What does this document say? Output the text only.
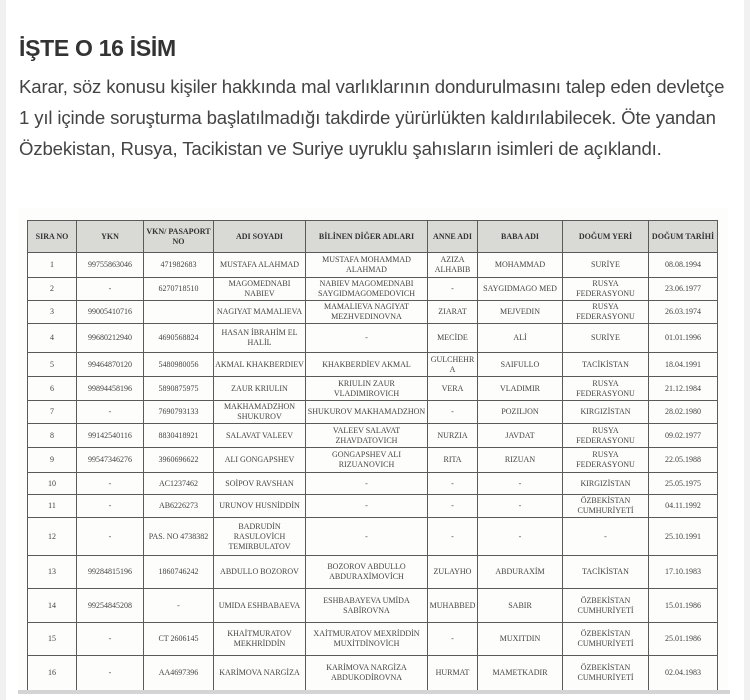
İŞTE O 16 İSİM

Karar, söz konusu kişiler hakkında mal varlıklarının dondurulmasını talep eden devletçe 1 yıl içinde soruşturma başlatılmadığı takdirde yürürlükten kaldırılabilecek. Öte yandan Özbekistan, Rusya, Tacikistan ve Suriye uyruklu şahısların isimleri de açıklandı.

SIRA NO	YKN	VKN/ PASAPORT NO	ADI SOYADI	BİLİNEN DİĞER ADLARI	ANNE ADI	BABA ADI	DOĞUM YERİ	DOĞUM TARİHİ
1	99755863046	471982683	MUSTAFA ALAHMAD	MUSTAFA MOHAMMAD ALAHMAD	AZIZA ALHABIB	MOHAMMAD	SURİYE	08.08.1994
2	-	6270718510	MAGOMEDNABI NABIEV	NABIEV MAGOMEDNABI SAYGIDMAGOMEDOVICH	-	SAYGIDMAGO MED	RUSYA FEDERASYONU	23.06.1977
3	99005410716		NAGIYAT MAMALIEVA	MAMALIEVA NAGIYAT MEZHVEDINOVNA	ZIARAT	MEJVEDIN	RUSYA FEDERASYONU	26.03.1974
4	99680212940	4690568824	HASAN İBRAHİM EL HALİL	-	MECİDE	ALİ	SURİYE	01.01.1996
5	99464870120	5480980056	AKMAL KHAKBERDIEV	KHAKBERDİEV AKMAL	GULCHEHR A	SAIFULLO	TACİKİSTAN	18.04.1991
6	99894458196	5890875975	ZAUR KRIULIN	KRIULIN ZAUR VLADIMIROVICH	VERA	VLADIMIR	RUSYA FEDERASYONU	21.12.1984
7	-	7690793133	MAKHAMADZHON SHUKUROV	SHUKUROV MAKHAMADZHON	-	POZILJON	KIRGIZİSTAN	28.02.1980
8	99142540116	8830418921	SALAVAT VALEEV	VALEEV SALAVAT ZHAVDATOVICH	NURZIA	JAVDAT	RUSYA FEDERASYONU	09.02.1977
9	99547346276	3960696622	ALI GONGAPSHEV	GONGAPSHEV ALI RIZUANOVICH	RITA	RIZUAN	RUSYA FEDERASYONU	22.05.1988
10	-	AC1237462	SOİPOV RAVSHAN	-	-	-	KIRGIZİSTAN	25.05.1975
11	-	AB6226273	URUNOV HUSNİDDİN	-	-	-	ÖZBEKİSTAN CUMHURİYETİ	04.11.1992
12	-	PAS. NO 4738382	BADRUDİN RASULOVİCH TEMIRBULATOV	-	-	-	-	25.10.1991
13	992848151​96	1860746242	ABDULLO BOZOROV	BOZOROV ABDULLO ABDURAXİMOVİCH	ZULAYHO	ABDURAXİM	TACİKİSTAN	17.10.1983
14	99254845208	-	UMIDA ESHBABAEVA	ESHBABAYEVA UMİDA SABİROVNA	MUHABBED	SABIR	ÖZBEKİSTAN CUMHURİYETİ	15.01.1986
15	-	CT 2606145	KHAİTMURATOV MEKHRİDDİN	XAİTMURATOV MEXRİDDİN MUXİTDİNOVİCH	-	MUXITDIN	ÖZBEKİSTAN CUMHURİYETİ	25.01.1986
16	-	AA4697396	KARİMOVA NARGİZA	KARİMOVA NARGİZA ABDUKODİROVNA	HURMAT	MAMETKADIR	ÖZBEKİSTAN CUMHURİYETİ	02.04.1983
